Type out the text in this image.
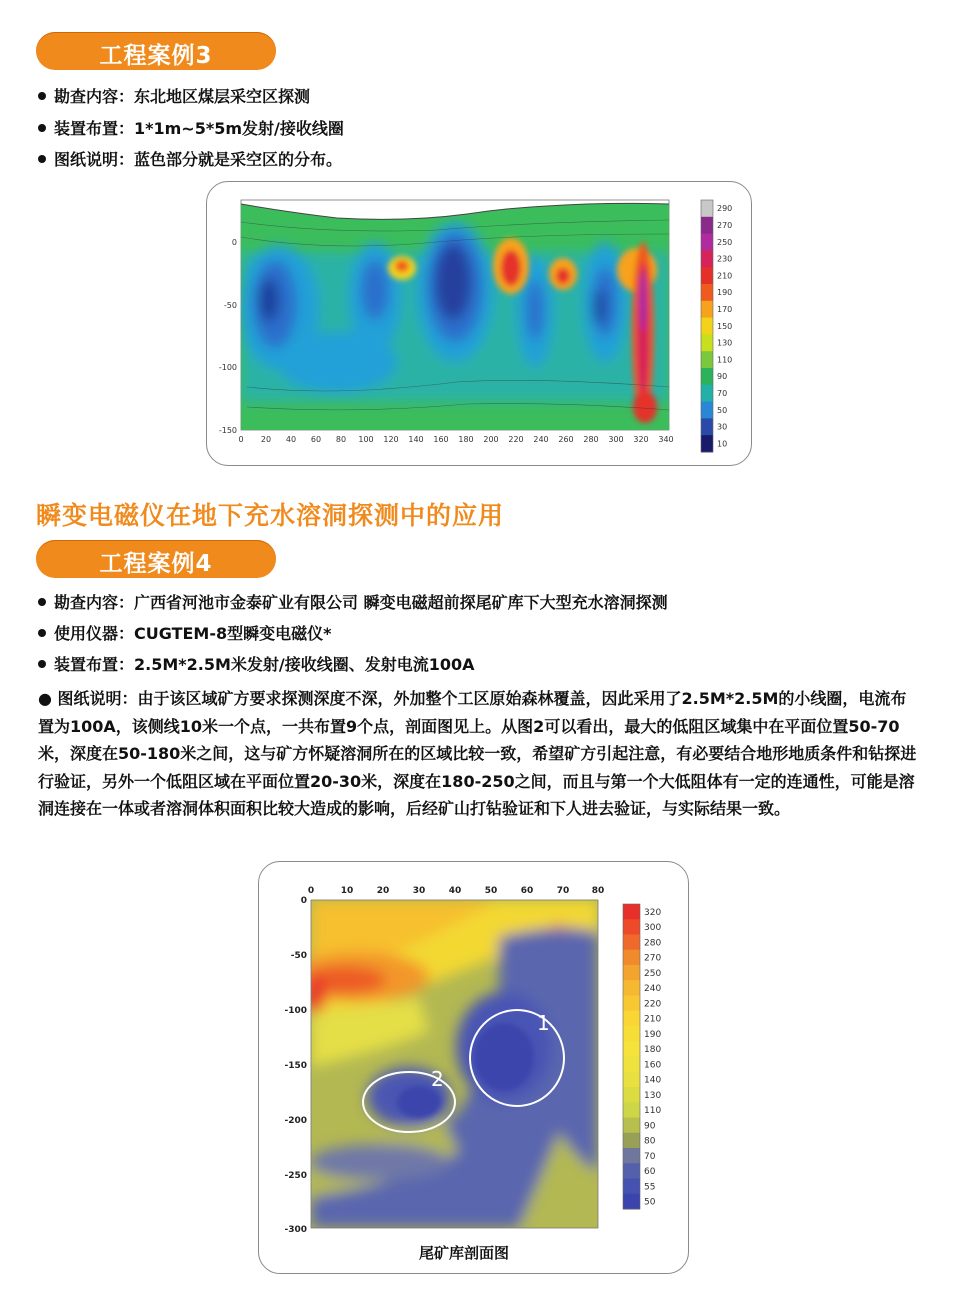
工程案例3
勘查内容：东北地区煤层采空区探测
装置布置：1*1m~5*5m发射/接收线圈
图纸说明：蓝色部分就是采空区的分布。
0 20 40 60 80 100 120 140 160 180 200 220 240 260 280 300 320 340
0
-50
-100
-150
290
270
250
230
210
190
170
150
130
110
90
70
50
30
10
瞬变电磁仪在地下充水溶洞探测中的应用
工程案例4
勘查内容：广西省河池市金泰矿业有限公司 瞬变电磁超前探尾矿库下大型充水溶洞探测
使用仪器：CUGTEM-8型瞬变电磁仪*
装置布置：2.5M*2.5M米发射/接收线圈、发射电流100A
● 图纸说明：由于该区域矿方要求探测深度不深，外加整个工区原始森林覆盖，因此采用了2.5M*2.5M的小线圈，电流布置为100A，该侧线10米一个点，一共布置9个点，剖面图见上。从图2可以看出，最大的低阻区域集中在平面位置50-70米，深度在50-180米之间，这与矿方怀疑溶洞所在的区域比较一致，希望矿方引起注意，有必要结合地形地质条件和钻探进行验证，另外一个低阻区域在平面位置20-30米，深度在180-250之间，而且与第一个大低阻体有一定的连通性，可能是溶洞连接在一体或者溶洞体积面积比较大造成的影响，后经矿山打钻验证和下人进去验证，与实际结果一致。
1
2
0	10	20	30	40	50	60	70 80
0
-50
-100
-150
-200
-250
-300
320
300
280
270
250
240
220
210
190
180
160
140
130
110
90
80
70
60
55
50
尾矿库剖面图
